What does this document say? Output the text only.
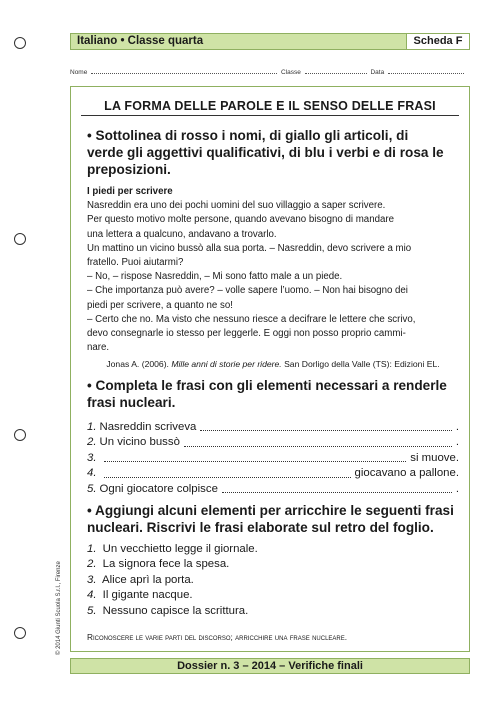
Italiano • Classe quarta	Scheda F
Nome	Classe	Data
LA FORMA DELLE PAROLE E IL SENSO DELLE FRASI
• Sottolinea di rosso i nomi, di giallo gli articoli, di
verde gli aggettivi qualificativi, di blu i verbi e di rosa le
preposizioni.
I piedi per scrivere
Nasreddin era uno dei pochi uomini del suo villaggio a saper scrivere.
Per questo motivo molte persone, quando avevano bisogno di mandare
una lettera a qualcuno, andavano a trovarlo.
Un mattino un vicino bussò alla sua porta. – Nasreddin, devo scrivere a mio
fratello. Puoi aiutarmi?
– No, – rispose Nasreddin, – Mi sono fatto male a un piede.
– Che importanza può avere? – volle sapere l’uomo. – Non hai bisogno dei
piedi per scrivere, a quanto ne so!
– Certo che no. Ma visto che nessuno riesce a decifrare le lettere che scrivo,
devo consegnarle io stesso per leggerle. E oggi non posso proprio cammi-
nare.
Jonas A. (2006). Mille anni di storie per ridere. San Dorligo della Valle (TS): Edizioni EL.
• Completa le frasi con gli elementi necessari a renderle
frasi nucleari.
1. Nasreddin scriveva	.
2. Un vicino bussò	.
3.	si muove.
4.	giocavano a pallone.
5. Ogni giocatore colpisce	.
• Aggiungi alcuni elementi per arricchire le seguenti frasi
nucleari. Riscrivi le frasi elaborate sul retro del foglio.
1. Un vecchietto legge il giornale.
2. La signora fece la spesa.
3. Alice aprì la porta.
4. Il gigante nacque.
5. Nessuno capisce la scrittura.
Riconoscere le varie parti del discorso; arricchire una frase nucleare.
© 2014 Giunti Scuola S.r.l., Firenze
Dossier n. 3 – 2014 – Verifiche finali
